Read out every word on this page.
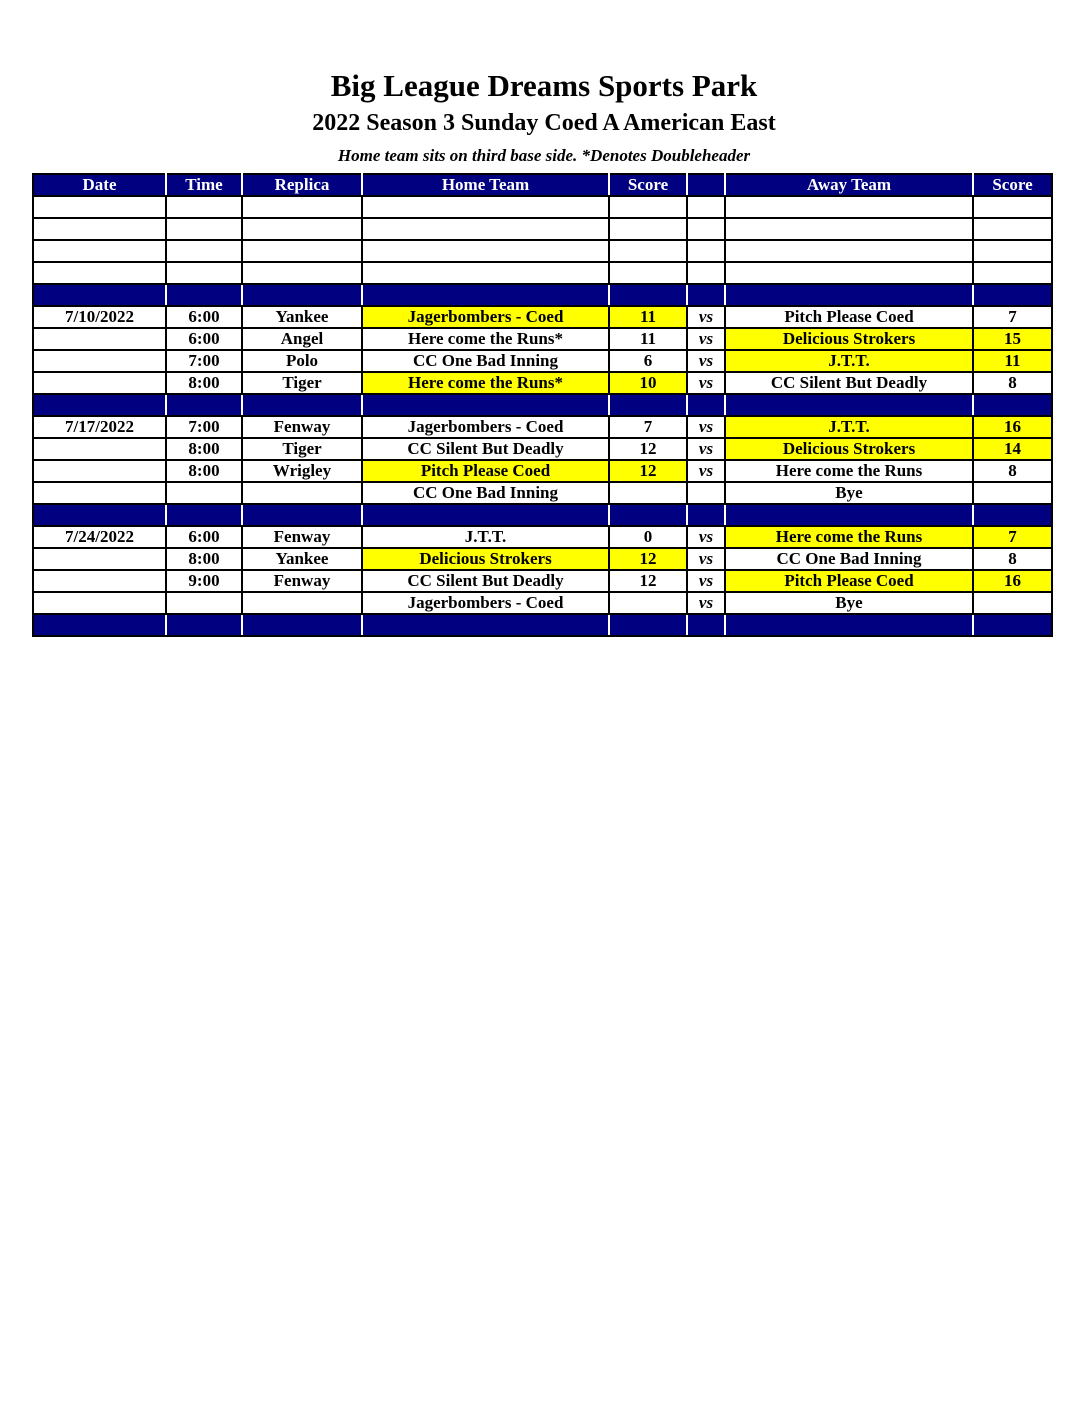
Big League Dreams Sports Park
2022 Season 3 Sunday Coed A American East
Home team sits on third base side. *Denotes Doubleheader
Date	Time	Replica	Home Team	Score		Away Team	Score

7/10/2022	6:00	Yankee	Jagerbombers - Coed	11	vs	Pitch Please Coed	7
	6:00	Angel	Here come the Runs*	11	vs	Delicious Strokers	15
	7:00	Polo	CC One Bad Inning	6	vs	J.T.T.	11
	8:00	Tiger	Here come the Runs*	10	vs	CC Silent But Deadly	8

7/17/2022	7:00	Fenway	Jagerbombers - Coed	7	vs	J.T.T.	16
	8:00	Tiger	CC Silent But Deadly	12	vs	Delicious Strokers	14
	8:00	Wrigley	Pitch Please Coed	12	vs	Here come the Runs	8
			CC One Bad Inning			Bye	

7/24/2022	6:00	Fenway	J.T.T.	0	vs	Here come the Runs	7
	8:00	Yankee	Delicious Strokers	12	vs	CC One Bad Inning	8
	9:00	Fenway	CC Silent But Deadly	12	vs	Pitch Please Coed	16
			Jagerbombers - Coed		vs	Bye	
